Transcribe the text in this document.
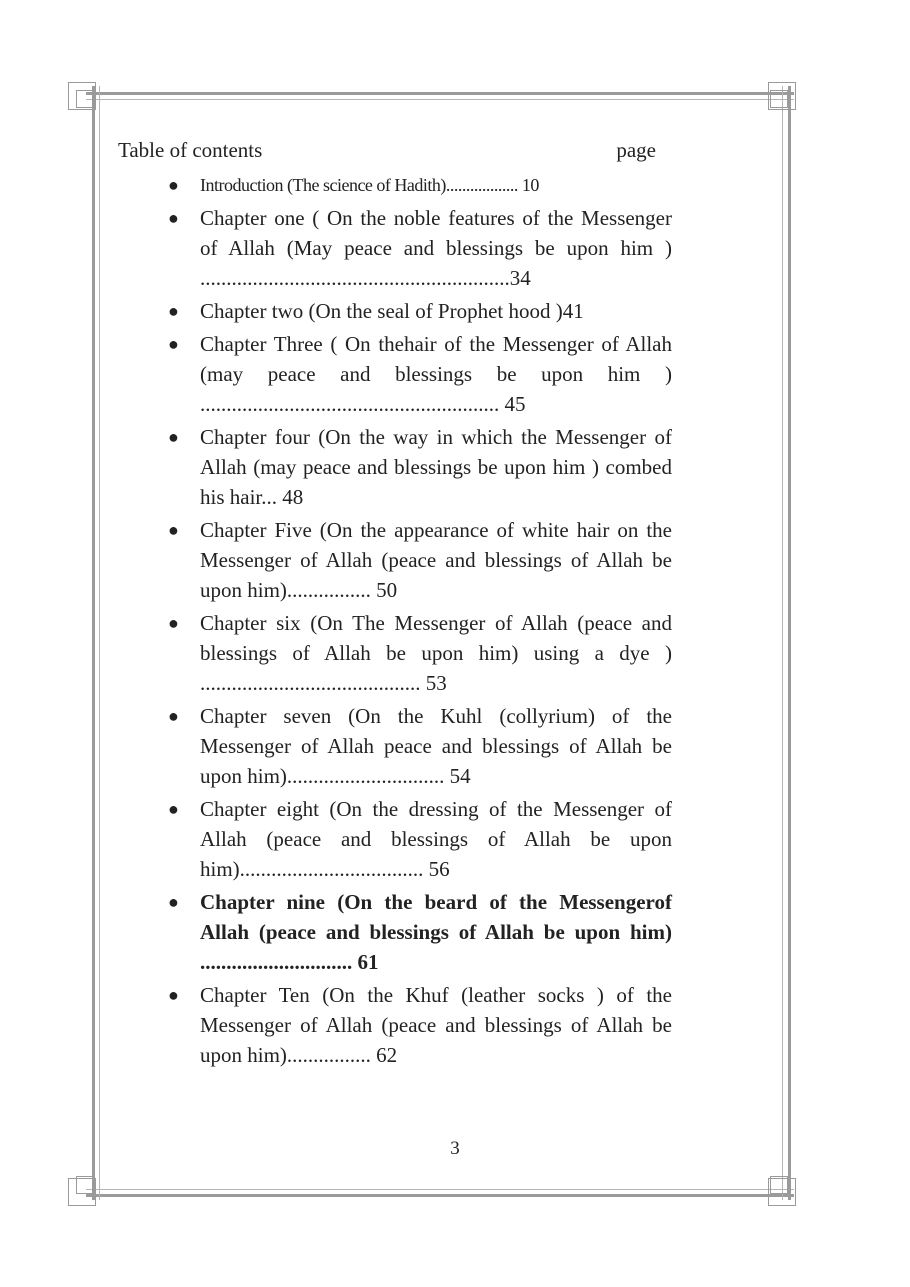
Table of contents	page
● Introduction (The science of Hadith).................. 10
● Chapter one ( On the noble features of the Messenger of Allah (May peace and blessings be upon him ) ...........................................................34
● Chapter two (On the seal of Prophet hood )41
● Chapter Three ( On thehair of the Messenger of Allah (may peace and blessings be upon him ) ......................................................... 45
● Chapter four (On the way in which the Messenger of Allah (may peace and blessings be upon him ) combed his hair... 48
● Chapter Five (On the appearance of white hair on the Messenger of Allah (peace and blessings of Allah be upon him)................ 50
● Chapter six (On The Messenger of Allah (peace and blessings of Allah be upon him) using a dye ) .......................................... 53
● Chapter seven (On the Kuhl (collyrium) of the Messenger of Allah peace and blessings of Allah be upon him).............................. 54
● Chapter eight (On the dressing of the Messenger of Allah (peace and blessings of Allah be upon him)................................... 56
● Chapter nine (On the beard of the Messengerof Allah (peace and blessings of Allah be upon him) ............................. 61
● Chapter Ten (On the Khuf (leather socks ) of the Messenger of Allah (peace and blessings of Allah be upon him)................ 62
3
